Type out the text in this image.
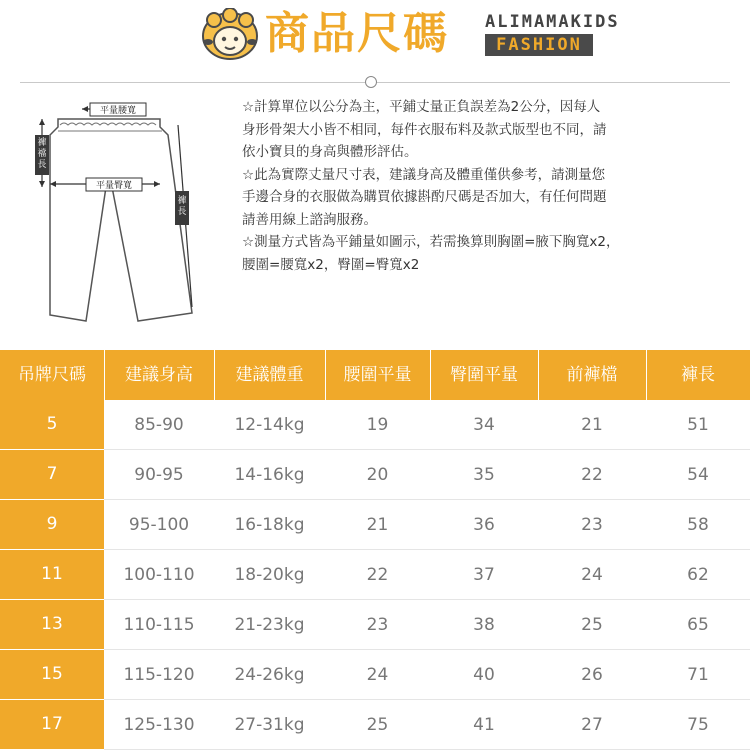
商品尺碼 ALIMAMAKIDS
FASHION
平量腰寬
平量臀寬
褲襠長
褲長

☆計算單位以公分為主，平鋪丈量正負誤差為2公分，因每人

身形骨架大小皆不相同，每件衣服布料及款式版型也不同，請

依小寶貝的身高與體形評估。

☆此為實際丈量尺寸表，建議身高及體重僅供參考，請測量您

手邊合身的衣服做為購買依據斟酌尺碼是否加大，有任何問題

請善用線上諮詢服務。

☆測量方式皆為平鋪量如圖示，若需換算則胸圍=腋下胸寬x2，

腰圍=腰寬x2，臀圍=臀寬x2

吊牌尺碼	建議身高	建議體重	腰圍平量	臀圍平量	前褲檔	褲長
5	85-90	12-14kg	19	34	21	51
7	90-95	14-16kg	20	35	22	54
9	95-100	16-18kg	21	36	23	58
11	100-110	18-20kg	22	37	24	62
13	110-115	21-23kg	23	38	25	65
15	115-120	24-26kg	24	40	26	71
17	125-130	27-31kg	25	41	27	75
